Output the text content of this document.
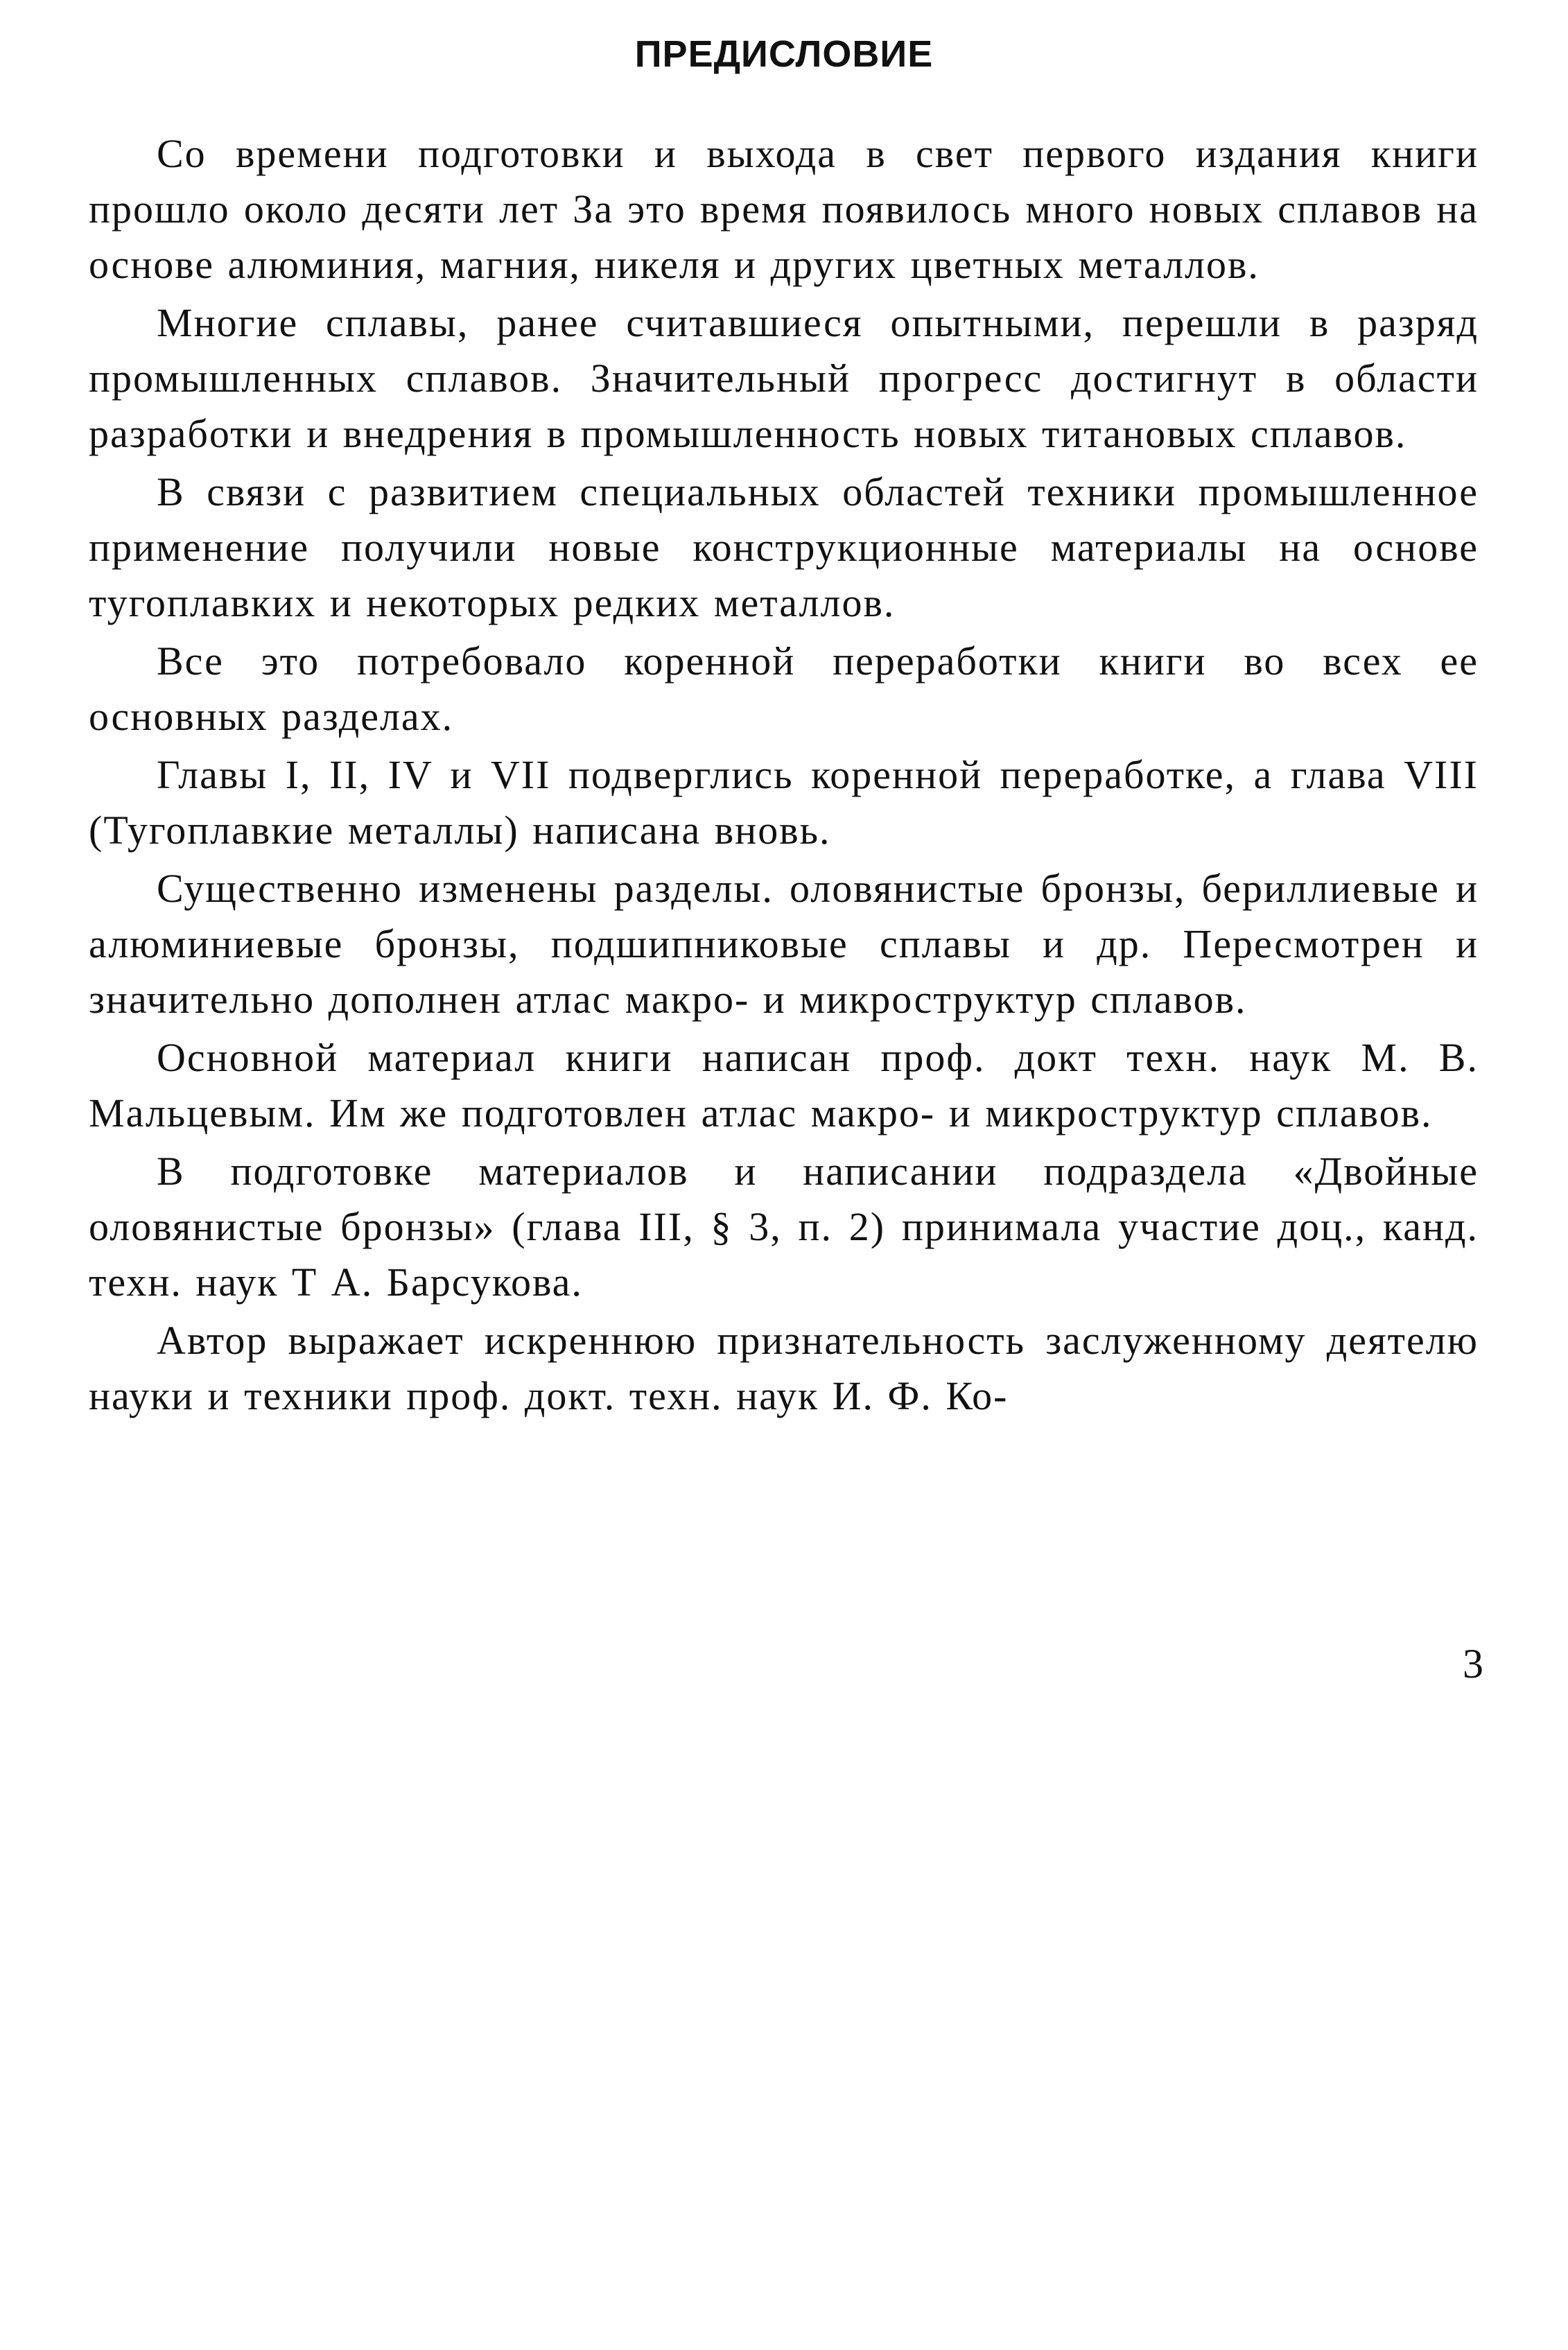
ПРЕДИСЛОВИЕ

Со времени подготовки и выхода в свет первого издания книги прошло около десяти лет За это время появилось много новых сплавов на основе алюминия, магния, никеля и других цветных металлов.

Многие сплавы, ранее считавшиеся опытными, перешли в разряд промышленных сплавов. Значительный прогресс достигнут в области разработки и внедрения в промышленность новых титановых сплавов.

В связи с развитием специальных областей техники промышленное применение получили новые конструкционные материалы на основе тугоплавких и некоторых редких металлов.

Все это потребовало коренной переработки книги во всех ее основных разделах.

Главы I, II, IV и VII подверглись коренной переработке, а глава VIII (Тугоплавкие металлы) написана вновь.

Существенно изменены разделы. оловянистые бронзы, бериллиевые и алюминиевые бронзы, подшипниковые сплавы и др. Пересмотрен и значительно дополнен атлас макро- и микроструктур сплавов.

Основной материал книги написан проф. докт техн. наук М. В. Мальцевым. Им же подготовлен атлас макро- и микроструктур сплавов.

В подготовке материалов и написании подраздела «Двойные оловянистые бронзы» (глава III, § 3, п. 2) принимала участие доц., канд. техн. наук Т А. Барсукова.

Автор выражает искреннюю признательность заслуженному деятелю науки и техники проф. докт. техн. наук И. Ф. Ко-

3
